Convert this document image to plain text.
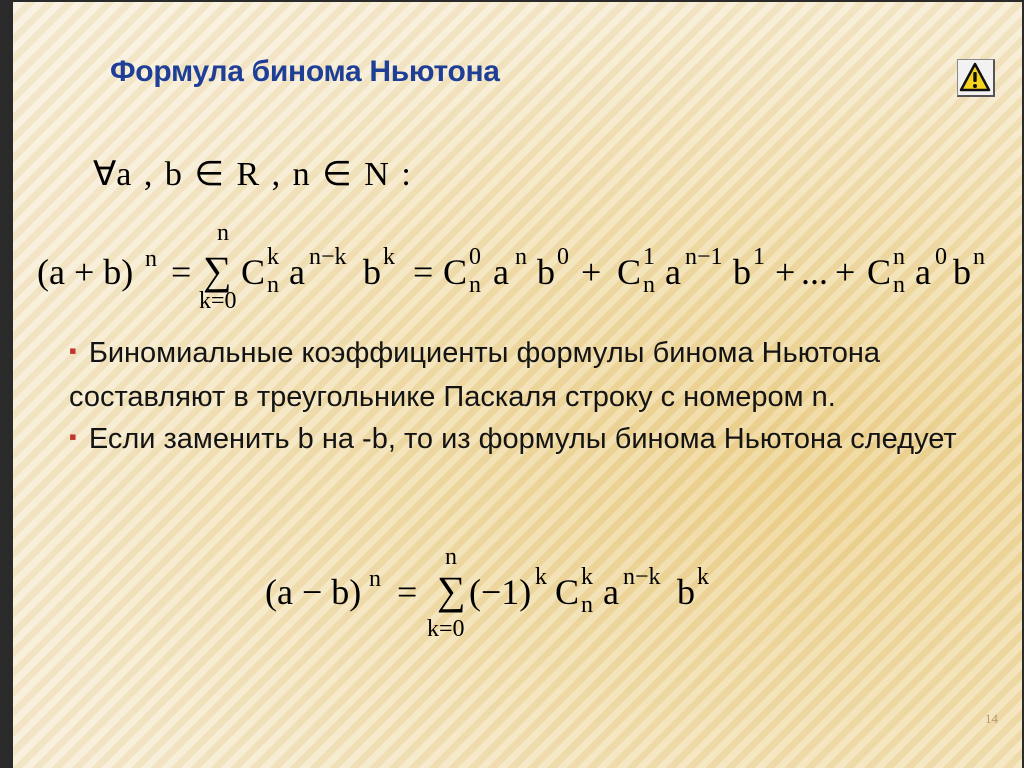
Формула бинома Ньютона
∀a , b ∈ R , n ∈ N :
(a + b) n =
n
∑
k=0
C k
n a n−k b k = C 0
n a n b 0 + C 1
n a n−1 b 1 + ... + C n
n a 0 b n

▪ Биномиальные коэффициенты формулы бинома Ньютона составляют в треугольнике Паскаля строку с номером n.

▪ Если заменить b на -b, то из формулы бинома Ньютона следует

(a − b) n =
n
∑
k=0
(−1) k C k
n a n−k b k
14
